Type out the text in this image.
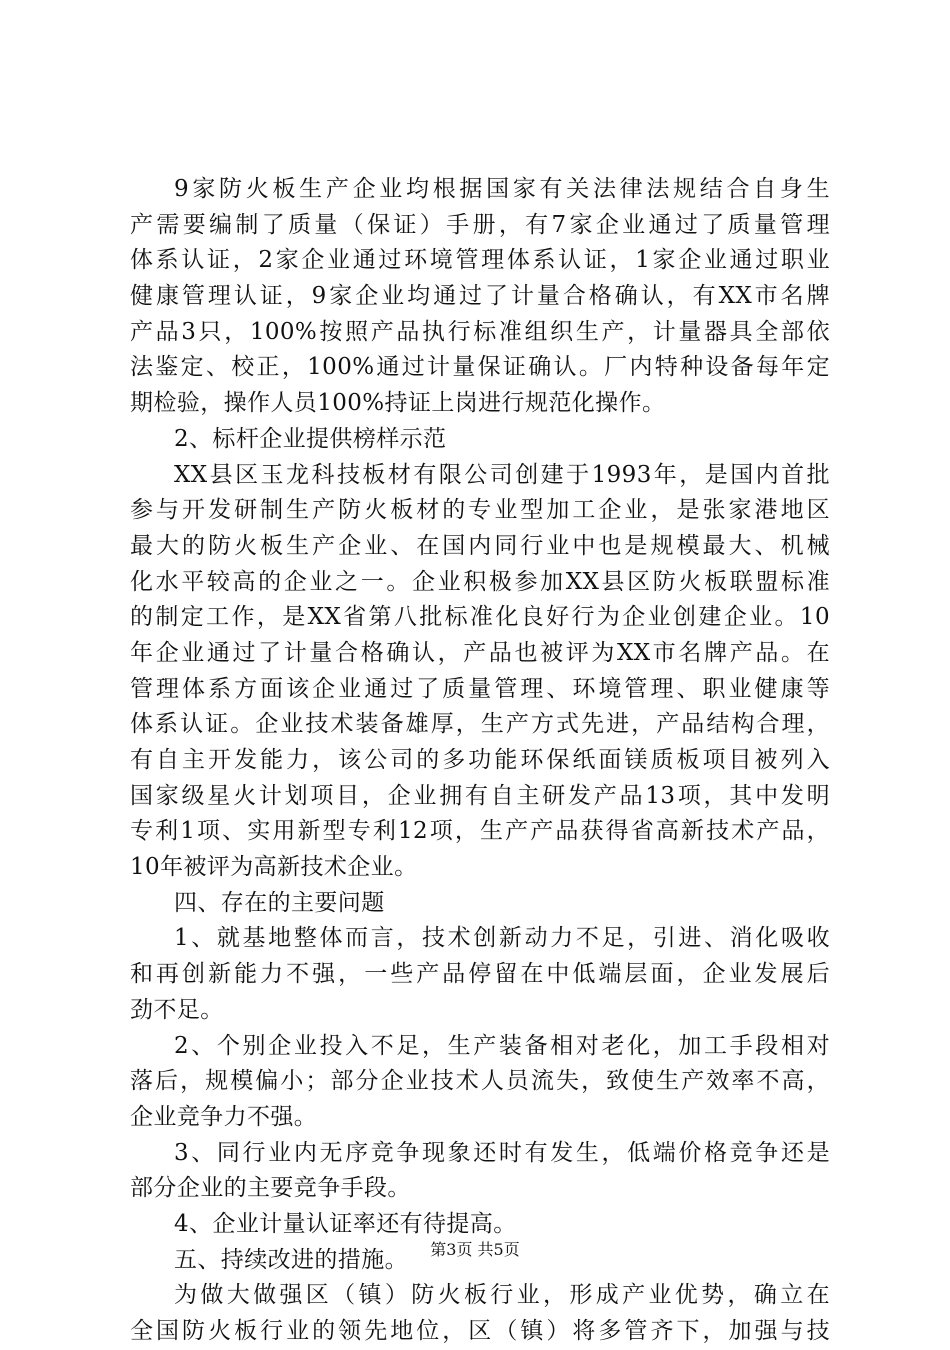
9家防火板生产企业均根据国家有关法律法规结合自身生
产需要编制了质量（保证）手册，有7家企业通过了质量管理
体系认证，2家企业通过环境管理体系认证，1家企业通过职业
健康管理认证，9家企业均通过了计量合格确认，有XX市名牌
产品3只，100%按照产品执行标准组织生产，计量器具全部依
法鉴定、校正，100%通过计量保证确认。厂内特种设备每年定
期检验，操作人员100%持证上岗进行规范化操作。
2、标杆企业提供榜样示范
XX县区玉龙科技板材有限公司创建于1993年，是国内首批
参与开发研制生产防火板材的专业型加工企业，是张家港地区
最大的防火板生产企业、在国内同行业中也是规模最大、机械
化水平较高的企业之一。企业积极参加XX县区防火板联盟标准
的制定工作，是XX省第八批标准化良好行为企业创建企业。10
年企业通过了计量合格确认，产品也被评为XX市名牌产品。在
管理体系方面该企业通过了质量管理、环境管理、职业健康等
体系认证。企业技术装备雄厚，生产方式先进，产品结构合理，
有自主开发能力，该公司的多功能环保纸面镁质板项目被列入
国家级星火计划项目，企业拥有自主研发产品13项，其中发明
专利1项、实用新型专利12项，生产产品获得省高新技术产品，
10年被评为高新技术企业。
四、存在的主要问题
1、就基地整体而言，技术创新动力不足，引进、消化吸收
和再创新能力不强，一些产品停留在中低端层面，企业发展后
劲不足。
2、个别企业投入不足，生产装备相对老化，加工手段相对
落后，规模偏小；部分企业技术人员流失，致使生产效率不高，
企业竞争力不强。
3、同行业内无序竞争现象还时有发生，低端价格竞争还是
部分企业的主要竞争手段。
4、企业计量认证率还有待提高。
五、持续改进的措施。
为做大做强区（镇）防火板行业，形成产业优势，确立在
全国防火板行业的领先地位，区（镇）将多管齐下，加强与技
第3页 共5页
